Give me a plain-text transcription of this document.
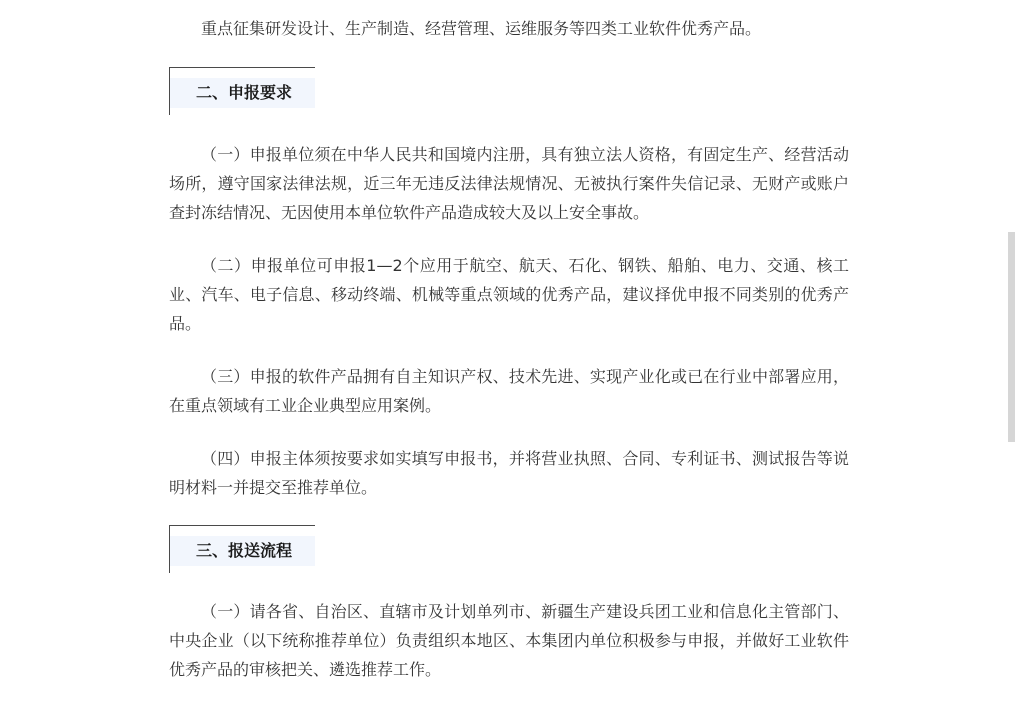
重点征集研发设计、生产制造、经营管理、运维服务等四类工业软件优秀产品。

二、申报要求

（一）申报单位须在中华人民共和国境内注册，具有独立法人资格，有固定生产、经营活动场所，遵守国家法律法规，近三年无违反法律法规情况、无被执行案件失信记录、无财产或账户查封冻结情况、无因使用本单位软件产品造成较大及以上安全事故。

（二）申报单位可申报1—2个应用于航空、航天、石化、钢铁、船舶、电力、交通、核工业、汽车、电子信息、移动终端、机械等重点领域的优秀产品，建议择优申报不同类别的优秀产品。

（三）申报的软件产品拥有自主知识产权、技术先进、实现产业化或已在行业中部署应用，在重点领域有工业企业典型应用案例。

（四）申报主体须按要求如实填写申报书，并将营业执照、合同、专利证书、测试报告等说明材料一并提交至推荐单位。

三、报送流程

（一）请各省、自治区、直辖市及计划单列市、新疆生产建设兵团工业和信息化主管部门、中央企业（以下统称推荐单位）负责组织本地区、本集团内单位积极参与申报，并做好工业软件优秀产品的审核把关、遴选推荐工作。
